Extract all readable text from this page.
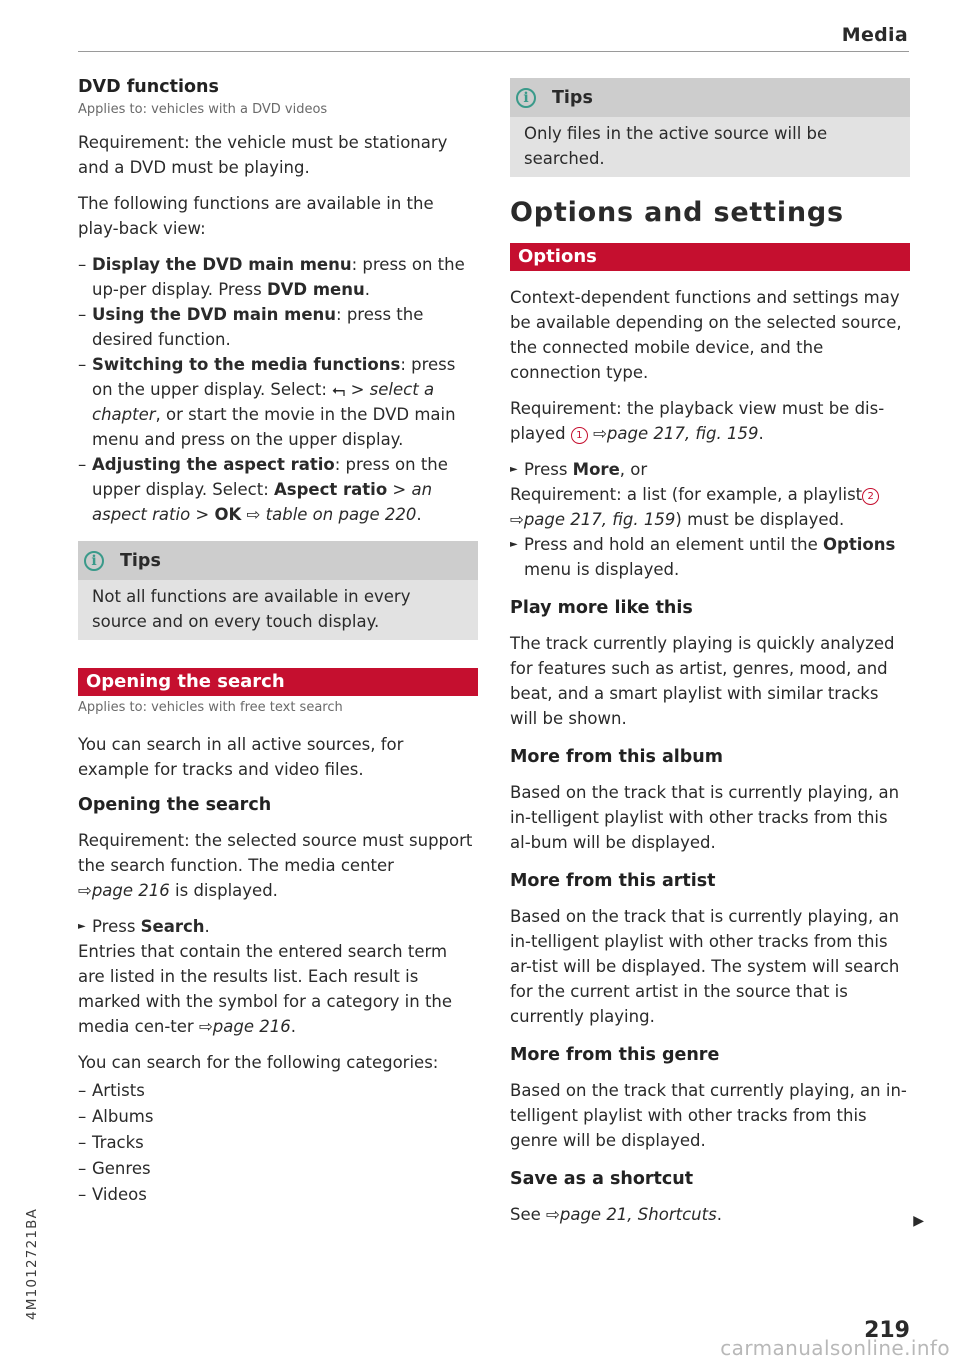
Media
4M1012721BA

DVD functions

Applies to: vehicles with a DVD videos

Requirement: the vehicle must be stationary and a DVD must be playing.

The following functions are available in the play-back view:

– Display the DVD main menu: press on the up-per display. Press DVD menu.
– Using the DVD main menu: press the desired function.
– Switching to the media functions: press on the upper display. Select: ⮢ > select a chapter, or start the movie in the DVD main menu and press on the upper display.
– Adjusting the aspect ratio: press on the upper display. Select: Aspect ratio > an aspect ratio > OK ⇨ table on page 220.
i	Tips
Not all functions are available in every source and on every touch display.
Opening the search

Applies to: vehicles with free text search

You can search in all active sources, for example for tracks and video files.

Opening the search

Requirement: the selected source must support the search function. The media center
⇨page 216 is displayed.

► Press Search.

Entries that contain the entered search term are listed in the results list. Each result is marked with the symbol for a category in the media cen-ter ⇨page 216.

You can search for the following categories:

– Artists
– Albums
– Tracks
– Genres
– Videos
i	Tips
Only files in the active source will be searched.

Options and settings

Options

Context-dependent functions and settings may be available depending on the selected source, the connected mobile device, and the connection type.

Requirement: the playback view must be dis-played 1 ⇨page 217, fig. 159.

► Press More, or

Requirement: a list (for example, a playlist 2
⇨page 217, fig. 159) must be displayed.

► Press and hold an element until the Options menu is displayed.

Play more like this

The track currently playing is quickly analyzed for features such as artist, genres, mood, and beat, and a smart playlist with similar tracks will be shown.

More from this album

Based on the track that is currently playing, an in-telligent playlist with other tracks from this al-bum will be displayed.

More from this artist

Based on the track that is currently playing, an in-telligent playlist with other tracks from this ar-tist will be displayed. The system will search for the current artist in the source that is currently playing.

More from this genre

Based on the track that currently playing, an in-telligent playlist with other tracks from this genre will be displayed.

Save as a shortcut

See ⇨page 21, Shortcuts.	▶
219
carmanualsonline.info
